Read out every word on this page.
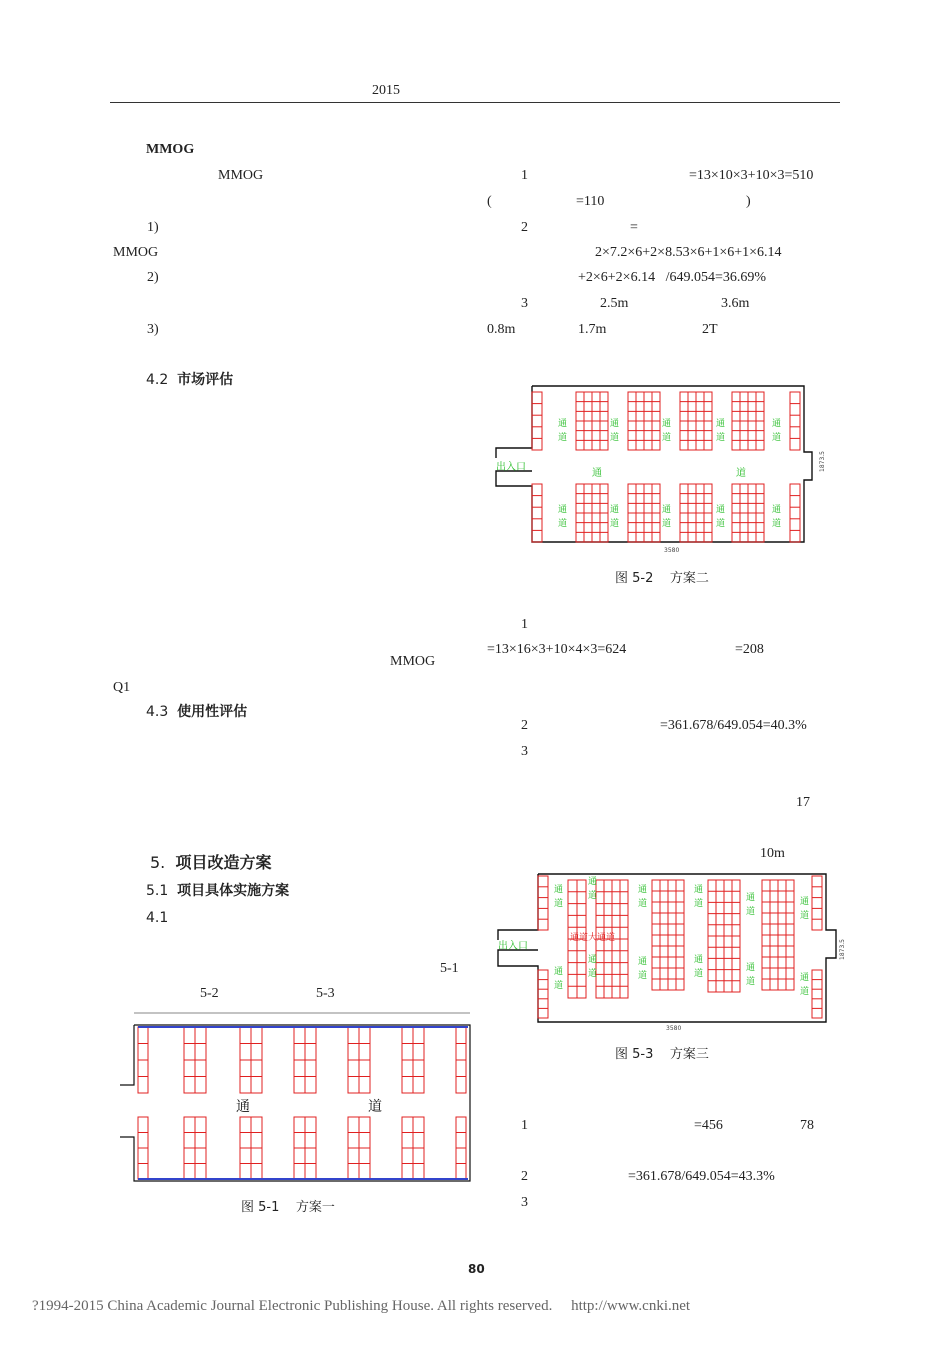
2015
MMOG
MMOG
1)
MMOG
2)
3)
4.2 市场评估
MMOG
Q1
4.3 使用性评估
5. 项目改造方案
5.1 项目具体实施方案
4.1
5-1
5-2	5-3
1	=13×10×3+10×3=510
(	=110	)
2	=
2×7.2×6+2×8.53×6+1×6+1×6.14
+2×6+2×6.14   /649.054=36.69%
3	2.5m	3.6m
0.8m	1.7m	2T
1
=13×16×3+10×4×3=624	=208
2	=361.678/649.054=40.3%
3
17
10m
1	=456	78
2	=361.678/649.054=43.3%
3
出入口
通	道
3580
1873.5
通
道
通
道
通
道
通
道
通
道
通
道
通
道
通
道
通
道
通
道
图 5-2    方案二
出入口
通道大通道
3580
1873.5
通
道
通
道
通
道
通
道
通
道
通
道
通
道
通
道
通
道
通
道
通
道	通
道
图 5-3    方案三
通	道
图 5-1    方案一
80
?1994-2015 China Academic Journal Electronic Publishing House. All rights reserved. http://www.cnki.net
